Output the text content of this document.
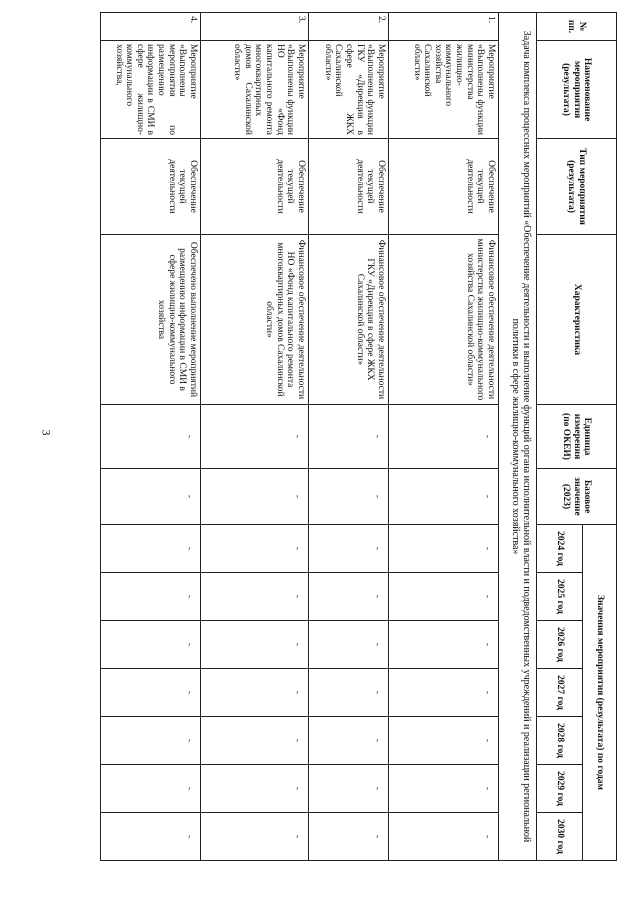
3
№ пп.	Наименование мероприятия (результата)	Тип мероприятия (результата)	Характеристика	Единица измерения (по ОКЕИ)	Базовое значение (2023)	Значения мероприятия (результата) по годам						
						2024 год	2025 год	2026 год	2027 год	2028 год	2029 год	2030 год
Задача комплекса процессных мероприятий «Обеспечение деятельности и выполнение функций органа исполнительной власти и подведомственных учреждений и реализации региональной политики в сфере жилищно-коммунального хозяйства»												
1.	Мероприятие «Выполнены функции министерства жилищно-коммунального хозяйства Сахалинской области»	Обеспечение текущей деятельности	Финансовое обеспечение деятельности министерства жилищно-коммунального хозяйства Сахалинской области»	-	-	-	-	-	-	-	-	-
2.	Мероприятие «Выполнены функции ГКУ «Дирекция в сфере ЖКХ Сахалинской области»	Обеспечение текущей деятельности	Финансовое обеспечение деятельности ГКУ «Дирекция в сфере ЖКХ Сахалинской области»	-	-	-	-	-	-	-	-	-
3.	Мероприятие «Выполнены функции НО «Фонд капитального ремонта многоквартирных домов Сахалинской области»	Обеспечение текущей деятельности	Финансовое обеспечение деятельности НО «Фонд капитального ремонта многоквартирных домов Сахалинской области»	-	-	-	-	-	-	-	-	-
4.	Мероприятие «Выполнены мероприятия по размещению информации в СМИ в сфере жилищно-коммунального хозяйства,	Обеспечение текущей деятельности	Обеспечено выполнение мероприятий размещению информации в СМИ в сфере жилищно-коммунального хозяйства	-	-	-	-	-	-	-	-	-
